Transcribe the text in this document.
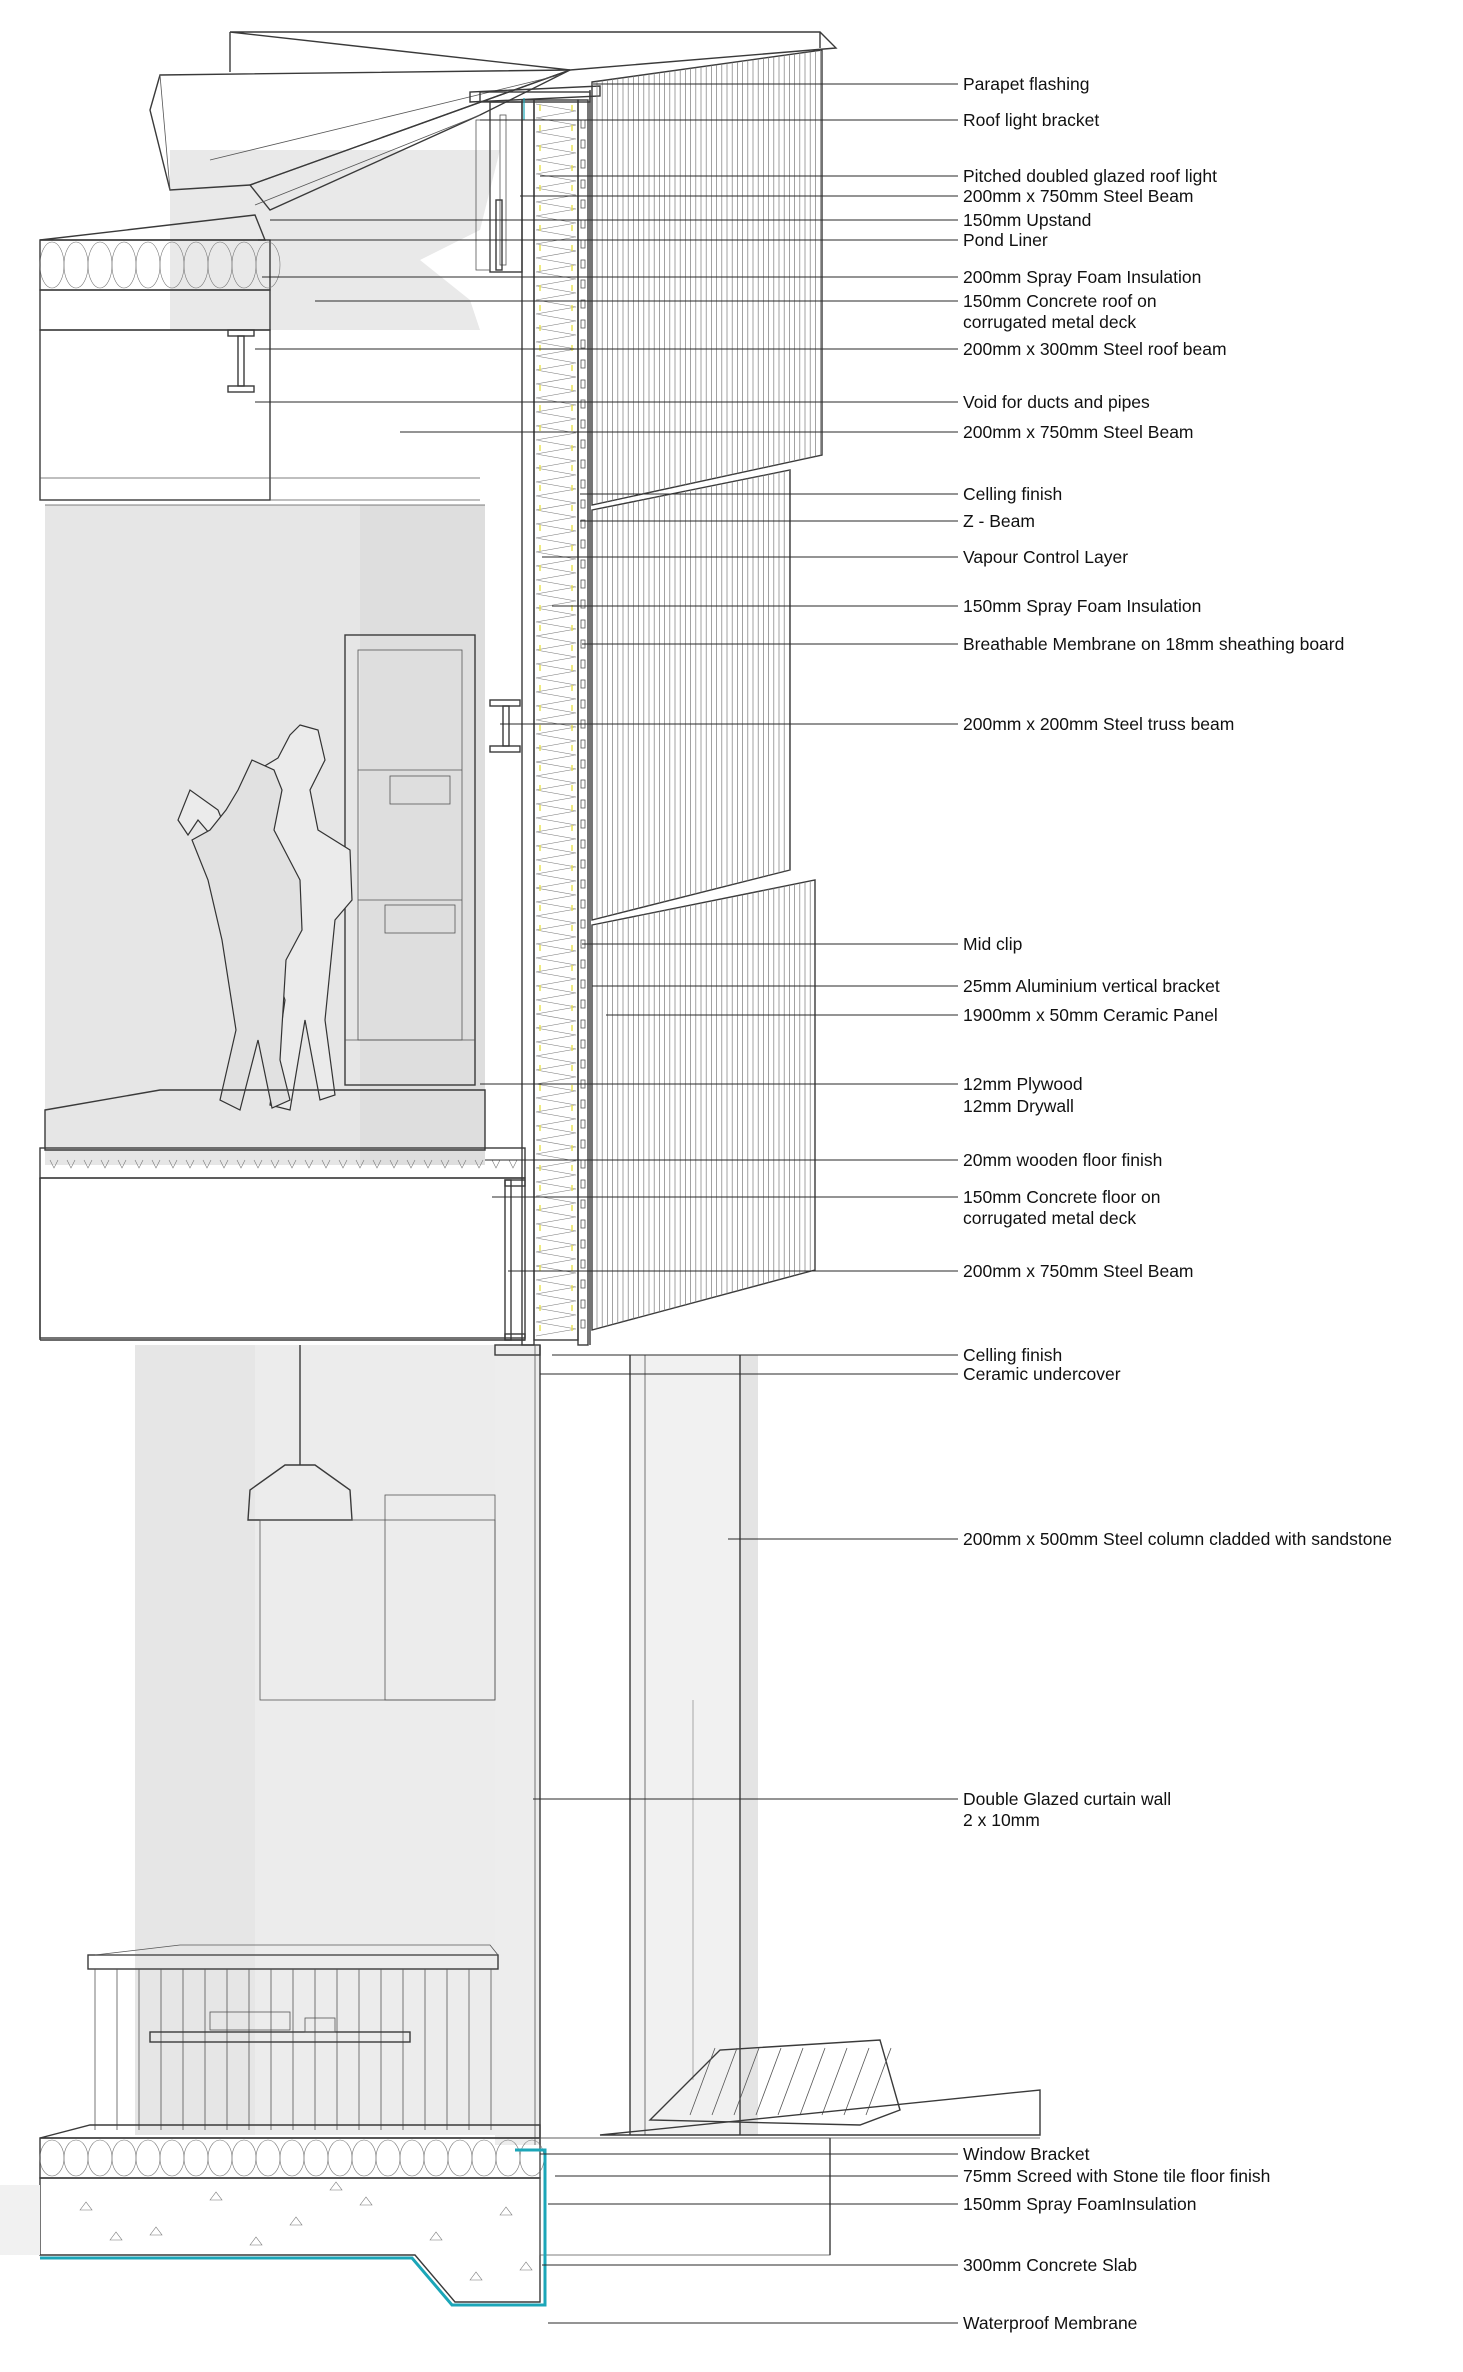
Parapet flashing
Roof light bracket
Pitched doubled glazed roof light
200mm x 750mm Steel Beam
150mm Upstand
Pond Liner
200mm Spray Foam Insulation
150mm Concrete roof on
corrugated metal deck
200mm x 300mm Steel roof beam
Void for ducts and pipes
200mm x 750mm Steel Beam
Celling finish
Z - Beam
Vapour Control Layer
150mm Spray Foam Insulation
Breathable Membrane on 18mm sheathing board
200mm x 200mm Steel truss beam
Mid clip
25mm Aluminium vertical bracket
1900mm x 50mm Ceramic Panel
12mm Plywood
12mm Drywall
20mm wooden floor finish
150mm Concrete floor on
corrugated metal deck
200mm x 750mm Steel Beam
Celling finish
Ceramic undercover
200mm x 500mm Steel column cladded with sandstone
Double Glazed curtain wall
2 x 10mm
Window Bracket
75mm Screed with Stone tile floor finish
150mm Spray FoamInsulation
300mm Concrete Slab
Waterproof Membrane
